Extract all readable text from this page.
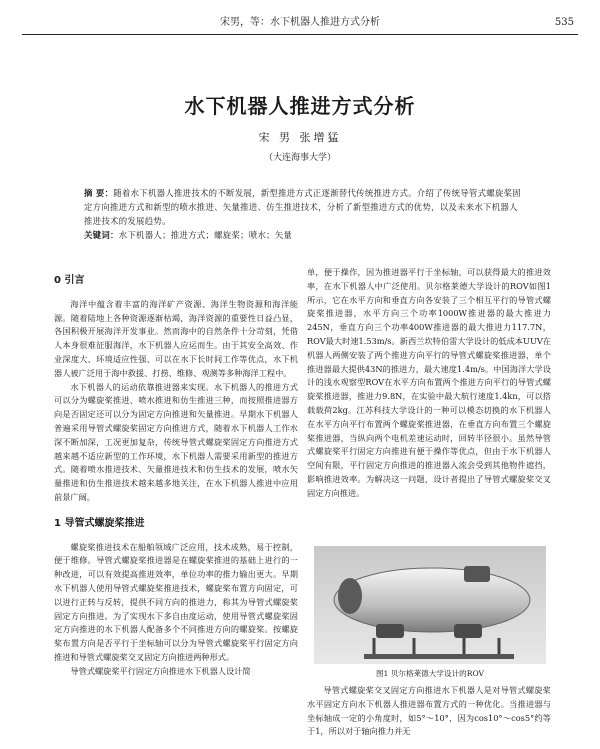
宋男，等：水下机器人推进方式分析	535
水下机器人推进方式分析
宋 男 张增猛
（大连海事大学）
摘 要：随着水下机器人推进技术的不断发展，新型推进方式正逐渐替代传统推进方式。介绍了传统导管式螺旋桨固定方向推进方式和新型的喷水推进、矢量推进、仿生推进技术，分析了新型推进方式的优势，以及未来水下机器人推进技术的发展趋势。
关键词：水下机器人；推进方式；螺旋桨；喷水；矢量
0 引言

海洋中蕴含着丰富的海洋矿产资源、海洋生物资源和海洋能源。随着陆地上各种资源逐渐枯竭，海洋资源的重要性日益凸显，各国积极开展海洋开发事业。然而海中的自然条件十分苛刻，凭借人本身很难征服海洋，水下机器人应运而生。由于其安全高效、作业深度大、环境适应性强、可以在水下长时间工作等优点，水下机器人被广泛用于海中救援、打捞、维修、观测等多种海洋工程中。

水下机器人的运动依靠推进器来实现。水下机器人的推进方式可以分为螺旋桨推进、喷水推进和仿生推进三种，而按照推进器方向是否固定还可以分为固定方向推进和矢量推进。早期水下机器人普遍采用导管式螺旋桨固定方向推进方式，随着水下机器人工作水深不断加深，工况更加复杂，传统导管式螺旋桨固定方向推进方式越来越不适应新型的工作环境，水下机器人需要采用新型的推进方式。随着喷水推进技术、矢量推进技术和仿生技术的发展，喷水矢量推进和仿生推进技术越来越多地关注，在水下机器人推进中应用前景广阔。

1 导管式螺旋桨推进

螺旋桨推进技术在船舶领域广泛应用，技术成熟，易于控制，便于维修。导管式螺旋桨推进器是在螺旋桨推进的基础上进行的一种改进，可以有效提高推进效率，单位功率的推力输出更大。早期水下机器人使用导管式螺旋桨推进技术，螺旋桨布置方向固定，可以进行正转与反转，提供不同方向的推进力，称其为导管式螺旋桨固定方向推进。为了实现水下多自由度运动，使用导管式螺旋桨固定方向推进的水下机器人配备多个不同推进方向的螺旋桨。按螺旋桨布置方向是否平行于坐标轴可以分为导管式螺旋桨平行固定方向推进和导管式螺旋桨交叉固定方向推进两种形式。

导管式螺旋桨平行固定方向推进水下机器人设计简

单，便于操作，因为推进器平行于坐标轴，可以获得最大的推进效率，在水下机器人中广泛使用。贝尔格莱德大学设计的ROV如图1所示，它在水平方向和垂直方向各安装了三个相互平行的导管式螺旋桨推进器，水平方向三个功率1000W推进器的最大推进力245N，垂直方向三个功率400W推进器的最大推进力117.7N，ROV最大时速1.53m/s。新西兰坎特伯雷大学设计的低成本UUV在机器人两侧安装了两个推进方向平行的导管式螺旋桨推进器，单个推进器最大提供43N的推进力，最大速度1.4m/s。中国海洋大学设计的浅水观察型ROV在水平方向布置两个推进方向平行的导管式螺旋桨推进器，推进力9.8N，在实验中最大航行速度1.4kn，可以搭载载荷2kg。江苏科技大学设计的一种可以模态切换的水下机器人在水平方向平行布置两个螺旋桨推进器，在垂直方向布置三个螺旋桨推进器，当纵向两个电机差速运动时，回转半径很小。虽然导管式螺旋桨平行固定方向推进有便于操作等优点，但由于水下机器人空间有限，平行固定方向推进的推进器入流会受到其他物件遮挡，影响推进效率。为解决这一问题，设计者提出了导管式螺旋桨交叉固定方向推进。

图1 贝尔格莱德大学设计的ROV

导管式螺旋桨交叉固定方向推进水下机器人是对导管式螺旋桨水平固定方向水下机器人推进器布置方式的一种优化。当推进器与坐标轴成一定的小角度时，如5°～10°，因为cos10°～cos5°约等于1，所以对于轴向推力并无
